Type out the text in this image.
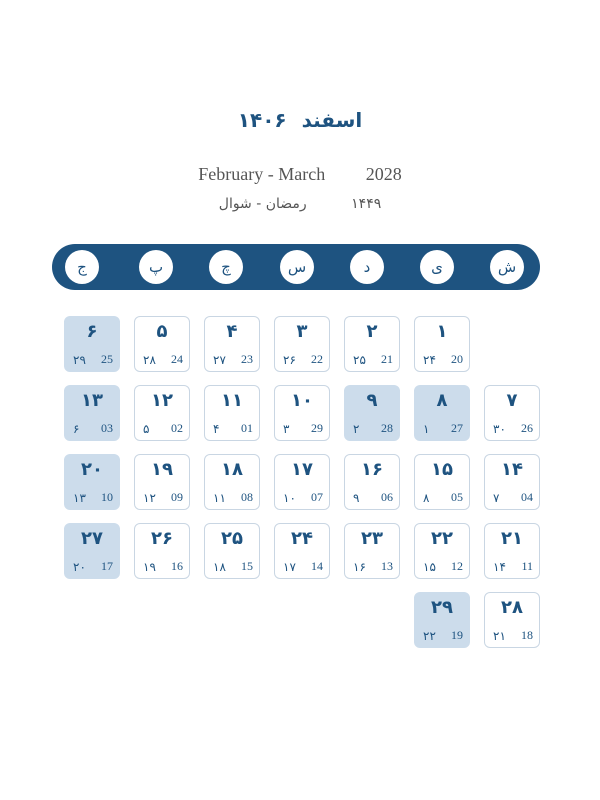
اسفند ۱۴۰۶
February - March 2028
۱۴۴۹ رمضان - شوال
ش
ی
د
س
چ
پ
ج
۱
20
۲۴
۲
21
۲۵
۳
22
۲۶
۴
23
۲۷
۵
24
۲۸
۶
25
۲۹
۷
26
۳۰
۸
27
۱
۹
28
۲
۱۰
29
۳
۱۱
01
۴
۱۲
02
۵
۱۳
03
۶
۱۴
04
۷
۱۵
05
۸
۱۶
06
۹
۱۷
07
۱۰
۱۸
08
۱۱
۱۹
09
۱۲
۲۰
10
۱۳
۲۱
11
۱۴
۲۲
12
۱۵
۲۳
13
۱۶
۲۴
14
۱۷
۲۵
15
۱۸
۲۶
16
۱۹
۲۷
17
۲۰
۲۸
18
۲۱
۲۹
19
۲۲
